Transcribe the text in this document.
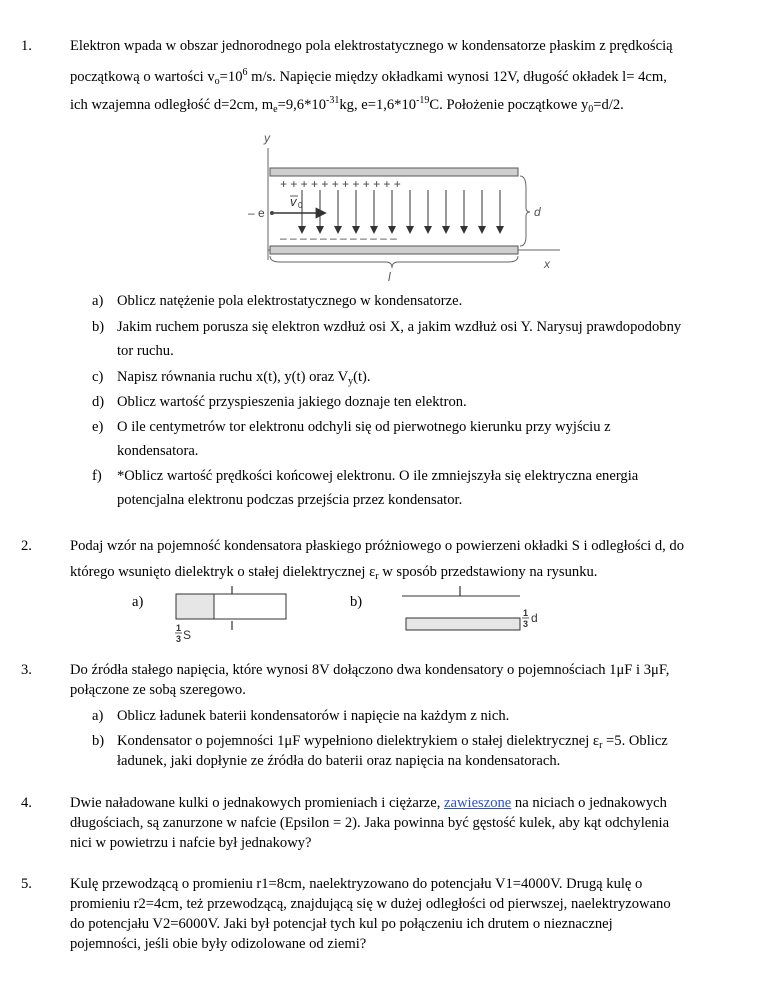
1.	Elektron wpada w obszar jednorodnego pola elektrostatycznego w kondensatorze płaskim z prędkością
początkową o wartości $v_o=10^6$ m/s. Napięcie między okładkami wynosi 12V, długość okładek l= 4cm,
ich wzajemna odległość d=2cm, $m_e=9,6*10^{-31}kg$, $e=1,6*10^{-19}C$. Położenie początkowe $y_0=d/2$.
y
x
+ + + + + + + + + + + +
– – – – – – – – – – – –
– e
v 0	d
l
a) Oblicz natężenie pola elektrostatycznego w kondensatorze.
b) Jakim ruchem porusza się elektron wzdłuż osi X, a jakim wzdłuż osi Y. Narysuj prawdopodobny
tor ruchu.
c) Napisz równania ruchu x(t), y(t) oraz $V_y(t)$.
d) Oblicz wartość przyspieszenia jakiego doznaje ten elektron.
e) O ile centymetrów tor elektronu odchyli się od pierwotnego kierunku przy wyjściu z
kondensatora.
f) *Oblicz wartość prędkości końcowej elektronu. O ile zmniejszyła się elektryczna energia
potencjalna elektronu podczas przejścia przez kondensator.
2.	Podaj wzór na pojemność kondensatora płaskiego próżniowego o powierzeni okładki S i odległości d, do
którego wsunięto dielektryk o stałej dielektrycznej $\varepsilon_r$ w sposób przedstawiony na rysunku.
a)
1
3 S
b)
1
3 d
3.	Do źródła stałego napięcia, które wynosi 8V dołączono dwa kondensatory o pojemnościach 1μF i 3μF,
połączone ze sobą szeregowo.
a) Oblicz ładunek baterii kondensatorów i napięcie na każdym z nich.
b) Kondensator o pojemności 1μF wypełniono dielektrykiem o stałej dielektrycznej $\varepsilon_r =5$. Oblicz
ładunek, jaki dopłynie ze źródła do baterii oraz napięcia na kondensatorach.
4.	Dwie naładowane kulki o jednakowych promieniach i ciężarze, zawieszone na niciach o jednakowych
długościach, są zanurzone w nafcie (Epsilon = 2). Jaka powinna być gęstość kulek, aby kąt odchylenia
nici w powietrzu i nafcie był jednakowy?
5.	Kulę przewodzącą o promieniu r1=8cm, naelektryzowano do potencjału V1=4000V. Drugą kulę o
promieniu r2=4cm, też przewodzącą, znajdującą się w dużej odległości od pierwszej, naelektryzowano
do potencjału V2=6000V. Jaki był potencjał tych kul po połączeniu ich drutem o nieznacznej
pojemności, jeśli obie były odizolowane od ziemi?
